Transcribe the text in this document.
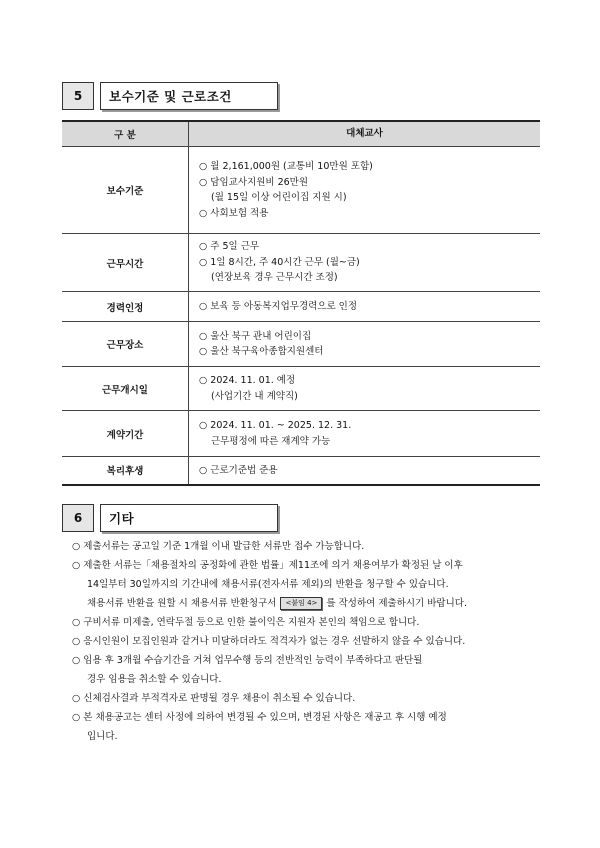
5	보수기준 및 근로조건
구 분	대체교사
보수기준	○ 월 2,161,000원 (교통비 10만원 포함)
○ 담임교사지원비 26만원
(월 15일 이상 어린이집 지원 시)
○ 사회보험 적용

근무시간	○ 주 5일 근무
○ 1일 8시간, 주 40시간 근무 (월~금)
(연장보육 경우 근무시간 조정)

경력인정	○ 보육 등 아동복지업무경력으로 인정

근무장소	○ 울산 북구 관내 어린이집
○ 울산 북구육아종합지원센터

근무개시일	○ 2024. 11. 01. 예정
(사업기간 내 계약직)

계약기간	○ 2024. 11. 01. ~ 2025. 12. 31.
근무평정에 따른 재계약 가능

복리후생	○ 근로기준법 준용
6	기타
○ 제출서류는 공고일 기준 1개월 이내 발급한 서류만 접수 가능합니다.
○ 제출한 서류는「채용절차의 공정화에 관한 법률」제11조에 의거 채용여부가 확정된 날 이후
14일부터 30일까지의 기간내에 채용서류(전자서류 제외)의 반환을 청구할 수 있습니다.
채용서류 반환을 원할 시 채용서류 반환청구서 <붙임 4> 를 작성하여 제출하시기 바랍니다.
○ 구비서류 미제출, 연락두절 등으로 인한 불이익은 지원자 본인의 책임으로 합니다.
○ 응시인원이 모집인원과 같거나 미달하더라도 적격자가 없는 경우 선발하지 않을 수 있습니다.
○ 임용 후 3개월 수습기간을 거쳐 업무수행 등의 전반적인 능력이 부족하다고 판단될
경우 임용을 취소할 수 있습니다.
○ 신체검사결과 부적격자로 판명될 경우 채용이 취소될 수 있습니다.
○ 본 채용공고는 센터 사정에 의하여 변경될 수 있으며, 변경된 사항은 재공고 후 시행 예정
입니다.
